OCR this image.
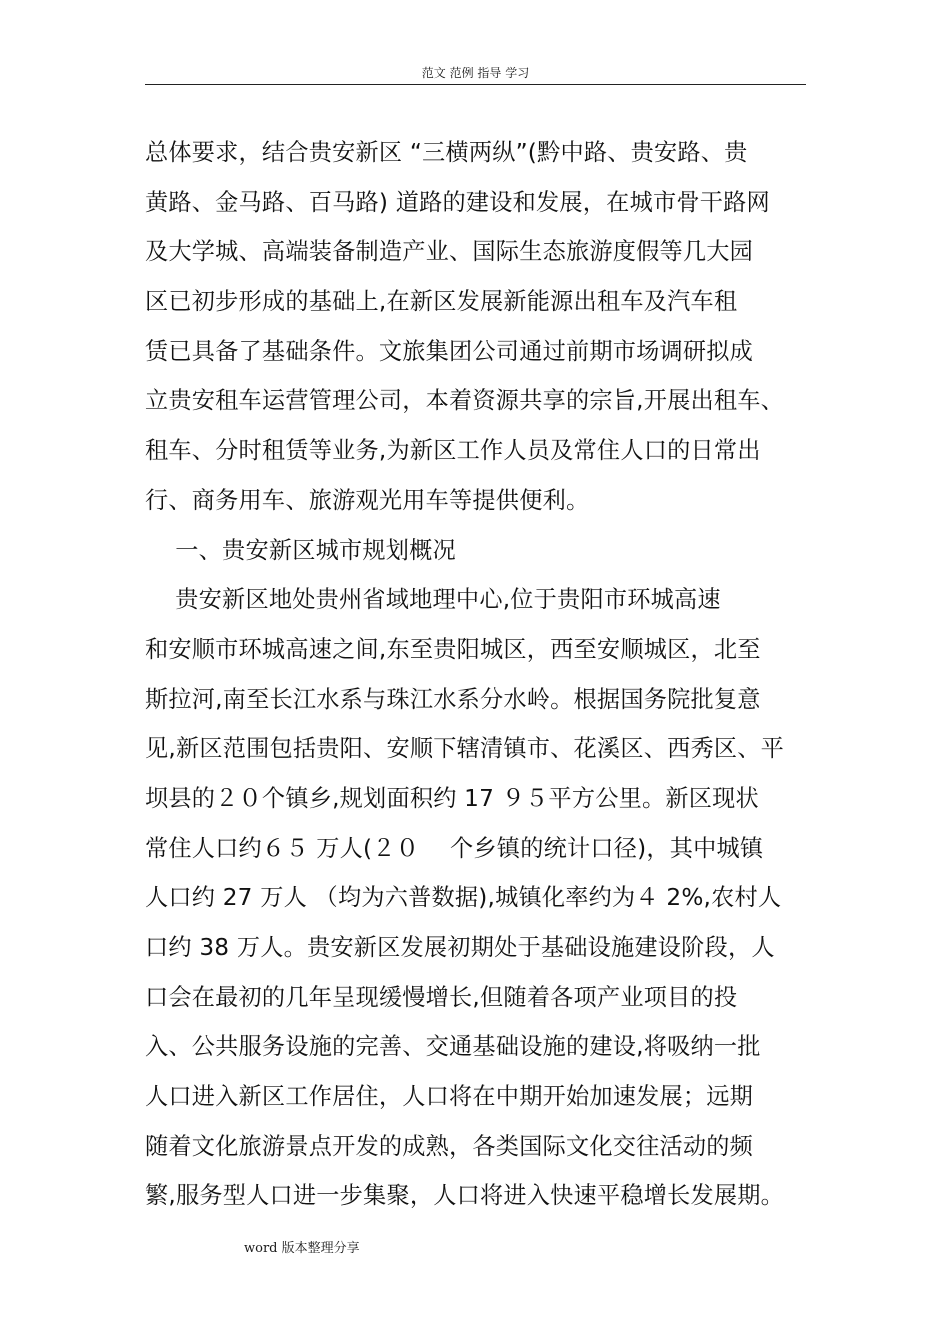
范文 范例 指导 学习
总体要求，结合贵安新区 “三横两纵”(黔中路、贵安路、贵
黄路、金马路、百马路) 道路的建设和发展，在城市骨干路网
及大学城、高端装备制造产业、国际生态旅游度假等几大园
区已初步形成的基础上,在新区发展新能源出租车及汽车租
赁已具备了基础条件。文旅集团公司通过前期市场调研拟成
立贵安租车运营管理公司，本着资源共享的宗旨,开展出租车、
租车、分时租赁等业务,为新区工作人员及常住人口的日常出
行、商务用车、旅游观光用车等提供便利。
一、贵安新区城市规划概况
贵安新区地处贵州省域地理中心,位于贵阳市环城高速
和安顺市环城高速之间,东至贵阳城区，西至安顺城区，北至
斯拉河,南至长江水系与珠江水系分水岭。根据国务院批复意
见,新区范围包括贵阳、安顺下辖清镇市、花溪区、西秀区、平
坝县的２０个镇乡,规划面积约 17 ９５平方公里。新区现状
常住人口约６５ 万人(２０　 个乡镇的统计口径)，其中城镇
人口约 27 万人 （均为六普数据),城镇化率约为４ 2%,农村人
口约 38 万人。贵安新区发展初期处于基础设施建设阶段，人
口会在最初的几年呈现缓慢增长,但随着各项产业项目的投
入、公共服务设施的完善、交通基础设施的建设,将吸纳一批
人口进入新区工作居住，人口将在中期开始加速发展；远期
随着文化旅游景点开发的成熟，各类国际文化交往活动的频
繁,服务型人口进一步集聚，人口将进入快速平稳增长发展期。
word 版本整理分享
